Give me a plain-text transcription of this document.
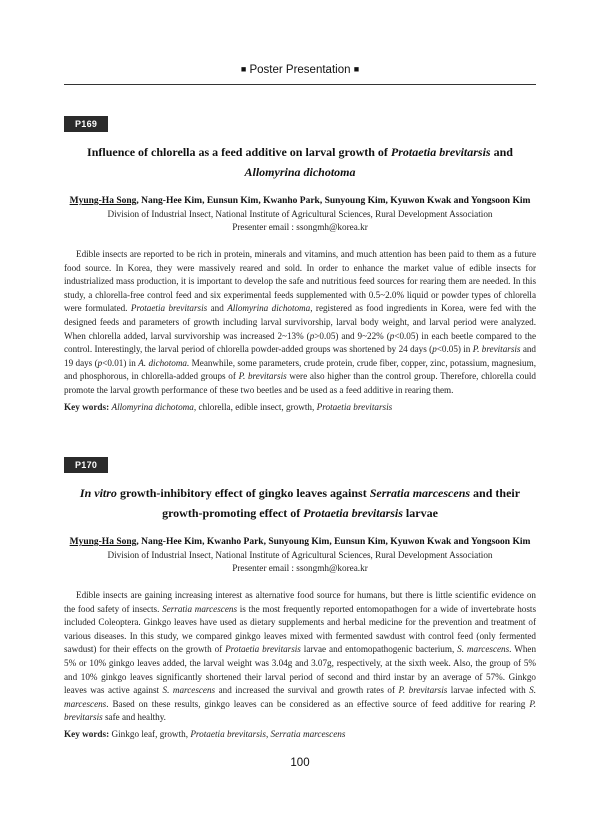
■ Poster Presentation ■
P169
Influence of chlorella as a feed additive on larval growth of Protaetia brevitarsis and Allomyrina dichotoma
Myung-Ha Song, Nang-Hee Kim, Eunsun Kim, Kwanho Park, Sunyoung Kim, Kyuwon Kwak and Yongsoon Kim
Division of Industrial Insect, National Institute of Agricultural Sciences, Rural Development Association
Presenter email : ssongmh@korea.kr
Edible insects are reported to be rich in protein, minerals and vitamins, and much attention has been paid to them as a future food source. In Korea, they were massively reared and sold. In order to enhance the market value of edible insects for industrialized mass production, it is important to develop the safe and nutritious feed sources for rearing them are needed. In this study, a chlorella-free control feed and six experimental feeds supplemented with 0.5~2.0% liquid or powder types of chlorella were formulated. Protaetia brevitarsis and Allomyrina dichotoma, registered as food ingredients in Korea, were fed with the designed feeds and parameters of growth including larval survivorship, larval body weight, and larval period were analyzed. When chlorella added, larval survivorship was increased 2~13% (p>0.05) and 9~22% (p<0.05) in each beetle compared to the control. Interestingly, the larval period of chlorella powder-added groups was shortened by 24 days (p<0.05) in P. brevitarsis and 19 days (p<0.01) in A. dichotoma. Meanwhile, some parameters, crude protein, crude fiber, copper, zinc, potassium, magnesium, and phosphorous, in chlorella-added groups of P. brevitarsis were also higher than the control group. Therefore, chlorella could promote the larval growth performance of these two beetles and be used as a feed additive in rearing them.
Key words: Allomyrina dichotoma, chlorella, edible insect, growth, Protaetia brevitarsis
P170
In vitro growth-inhibitory effect of gingko leaves against Serratia marcescens and their growth-promoting effect of Protaetia brevitarsis larvae
Myung-Ha Song, Nang-Hee Kim, Kwanho Park, Sunyoung Kim, Eunsun Kim, Kyuwon Kwak and Yongsoon Kim
Division of Industrial Insect, National Institute of Agricultural Sciences, Rural Development Association
Presenter email : ssongmh@korea.kr
Edible insects are gaining increasing interest as alternative food source for humans, but there is little scientific evidence on the food safety of insects. Serratia marcescens is the most frequently reported entomopathogen for a wide of invertebrate hosts included Coleoptera. Ginkgo leaves have used as dietary supplements and herbal medicine for the prevention and treatment of various diseases. In this study, we compared ginkgo leaves mixed with fermented sawdust with control feed (only fermented sawdust) for their effects on the growth of Protaetia brevitarsis larvae and entomopathogenic bacterium, S. marcescens. When 5% or 10% ginkgo leaves added, the larval weight was 3.04g and 3.07g, respectively, at the sixth week. Also, the group of 5% and 10% ginkgo leaves significantly shortened their larval period of second and third instar by an average of 57%. Ginkgo leaves was active against S. marcescens and increased the survival and growth rates of P. brevitarsis larvae infected with S. marcescens. Based on these results, ginkgo leaves can be considered as an effective source of feed additive for rearing P. brevitarsis safe and healthy.
Key words: Ginkgo leaf, growth, Protaetia brevitarsis, Serratia marcescens
100
